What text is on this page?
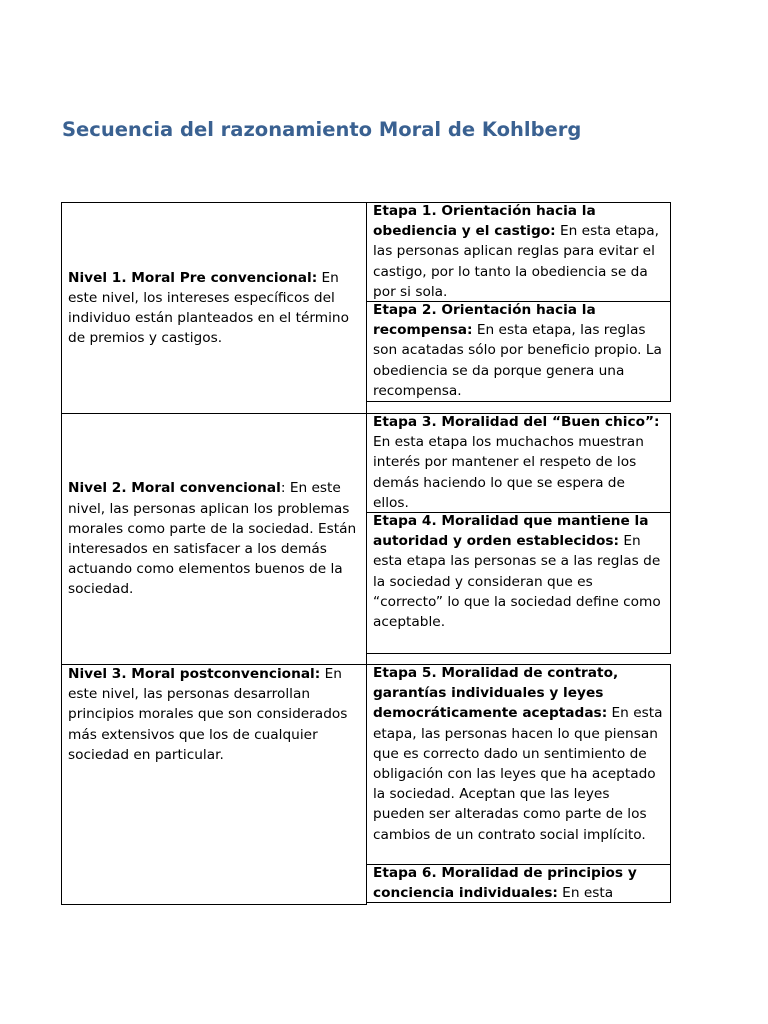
Secuencia del razonamiento Moral de Kohlberg
Nivel 1. Moral Pre convencional: En este nivel, los intereses específicos del individuo están planteados en el término de premios y castigos.
Etapa 1. Orientación hacia la obediencia y el castigo: En esta etapa, las personas aplican reglas para evitar el castigo, por lo tanto la obediencia se da por si sola.
Etapa 2. Orientación hacia la recompensa: En esta etapa, las reglas son acatadas sólo por beneficio propio. La obediencia se da porque genera una recompensa.
Nivel 2. Moral convencional: En este nivel, las personas aplican los problemas morales como parte de la sociedad. Están interesados en satisfacer a los demás actuando como elementos buenos de la sociedad.
Etapa 3. Moralidad del “Buen chico”: En esta etapa los muchachos muestran interés por mantener el respeto de los demás haciendo lo que se espera de ellos.
Etapa 4. Moralidad que mantiene la autoridad y orden establecidos: En esta etapa las personas se a las reglas de la sociedad y consideran que es “correcto” lo que la sociedad define como aceptable.
Nivel 3. Moral postconvencional: En este nivel, las personas desarrollan principios morales que son considerados más extensivos que los de cualquier sociedad en particular.
Etapa 5. Moralidad de contrato, garantías individuales y leyes democráticamente aceptadas: En esta etapa, las personas hacen lo que piensan que es correcto dado un sentimiento de obligación con las leyes que ha aceptado la sociedad. Aceptan que las leyes pueden ser alteradas como parte de los cambios de un contrato social implícito.
Etapa 6. Moralidad de principios y conciencia individuales: En esta
